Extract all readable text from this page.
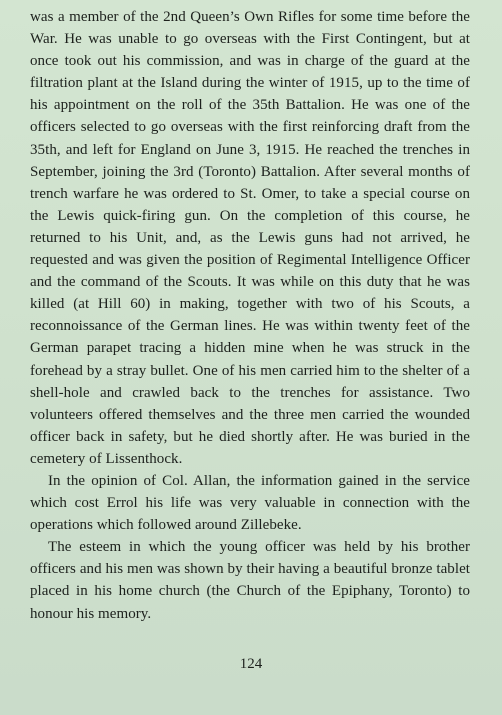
was a member of the 2nd Queen’s Own Rifles for some time before the War. He was unable to go overseas with the First Contingent, but at once took out his commission, and was in charge of the guard at the filtration plant at the Island during the winter of 1915, up to the time of his appointment on the roll of the 35th Battalion. He was one of the officers selected to go overseas with the first reinforcing draft from the 35th, and left for England on June 3, 1915. He reached the trenches in September, joining the 3rd (Toronto) Battalion. After several months of trench warfare he was ordered to St. Omer, to take a special course on the Lewis quick-firing gun. On the completion of this course, he returned to his Unit, and, as the Lewis guns had not arrived, he requested and was given the position of Regimental Intelligence Officer and the command of the Scouts. It was while on this duty that he was killed (at Hill 60) in making, together with two of his Scouts, a reconnoissance of the German lines. He was within twenty feet of the German parapet tracing a hidden mine when he was struck in the forehead by a stray bullet. One of his men carried him to the shelter of a shell-hole and crawled back to the trenches for assistance. Two volunteers offered themselves and the three men carried the wounded officer back in safety, but he died shortly after. He was buried in the cemetery of Lissenthock.

In the opinion of Col. Allan, the information gained in the service which cost Errol his life was very valuable in connection with the operations which followed around Zillebeke.

The esteem in which the young officer was held by his brother officers and his men was shown by their having a beautiful bronze tablet placed in his home church (the Church of the Epiphany, Toronto) to honour his memory.

124
